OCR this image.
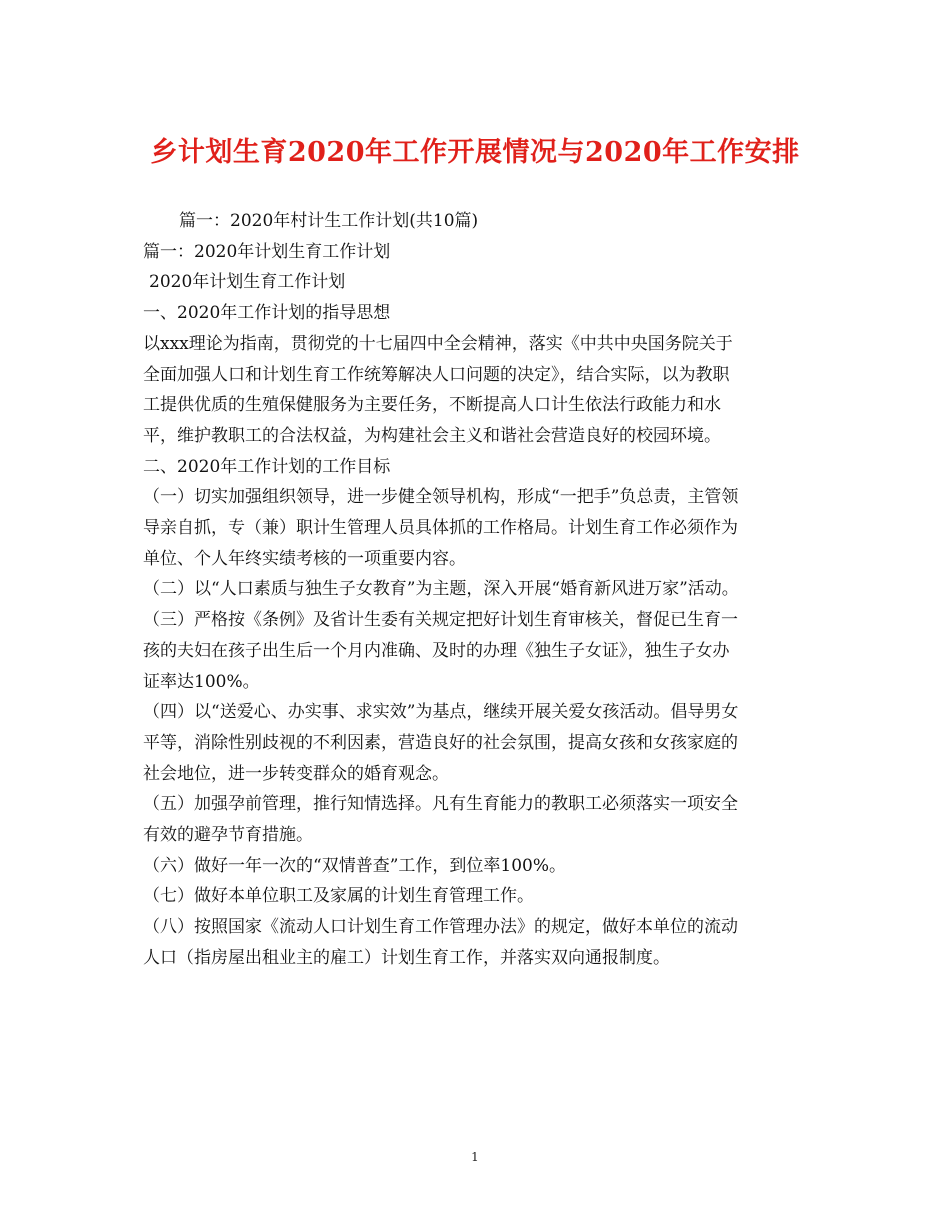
乡计划生育2020年工作开展情况与2020年工作安排

篇一：2020年村计生工作计划(共10篇)

篇一：2020年计划生育工作计划

2020年计划生育工作计划

一、2020年工作计划的指导思想

以xxx理论为指南，贯彻党的十七届四中全会精神，落实《中共中央国务院关于

全面加强人口和计划生育工作统筹解决人口问题的决定》，结合实际，以为教职

工提供优质的生殖保健服务为主要任务，不断提高人口计生依法行政能力和水

平，维护教职工的合法权益，为构建社会主义和谐社会营造良好的校园环境。

二、2020年工作计划的工作目标

（一）切实加强组织领导，进一步健全领导机构，形成“一把手”负总责，主管领

导亲自抓，专（兼）职计生管理人员具体抓的工作格局。计划生育工作必须作为

单位、个人年终实绩考核的一项重要内容。

（二）以“人口素质与独生子女教育”为主题，深入开展“婚育新风进万家”活动。

（三）严格按《条例》及省计生委有关规定把好计划生育审核关，督促已生育一

孩的夫妇在孩子出生后一个月内准确、及时的办理《独生子女证》，独生子女办

证率达100%。

（四）以“送爱心、办实事、求实效”为基点，继续开展关爱女孩活动。倡导男女

平等，消除性别歧视的不利因素，营造良好的社会氛围，提高女孩和女孩家庭的

社会地位，进一步转变群众的婚育观念。

（五）加强孕前管理，推行知情选择。凡有生育能力的教职工必须落实一项安全

有效的避孕节育措施。

（六）做好一年一次的“双情普查”工作，到位率100%。

（七）做好本单位职工及家属的计划生育管理工作。

（八）按照国家《流动人口计划生育工作管理办法》的规定，做好本单位的流动

人口（指房屋出租业主的雇工）计划生育工作，并落实双向通报制度。

1
